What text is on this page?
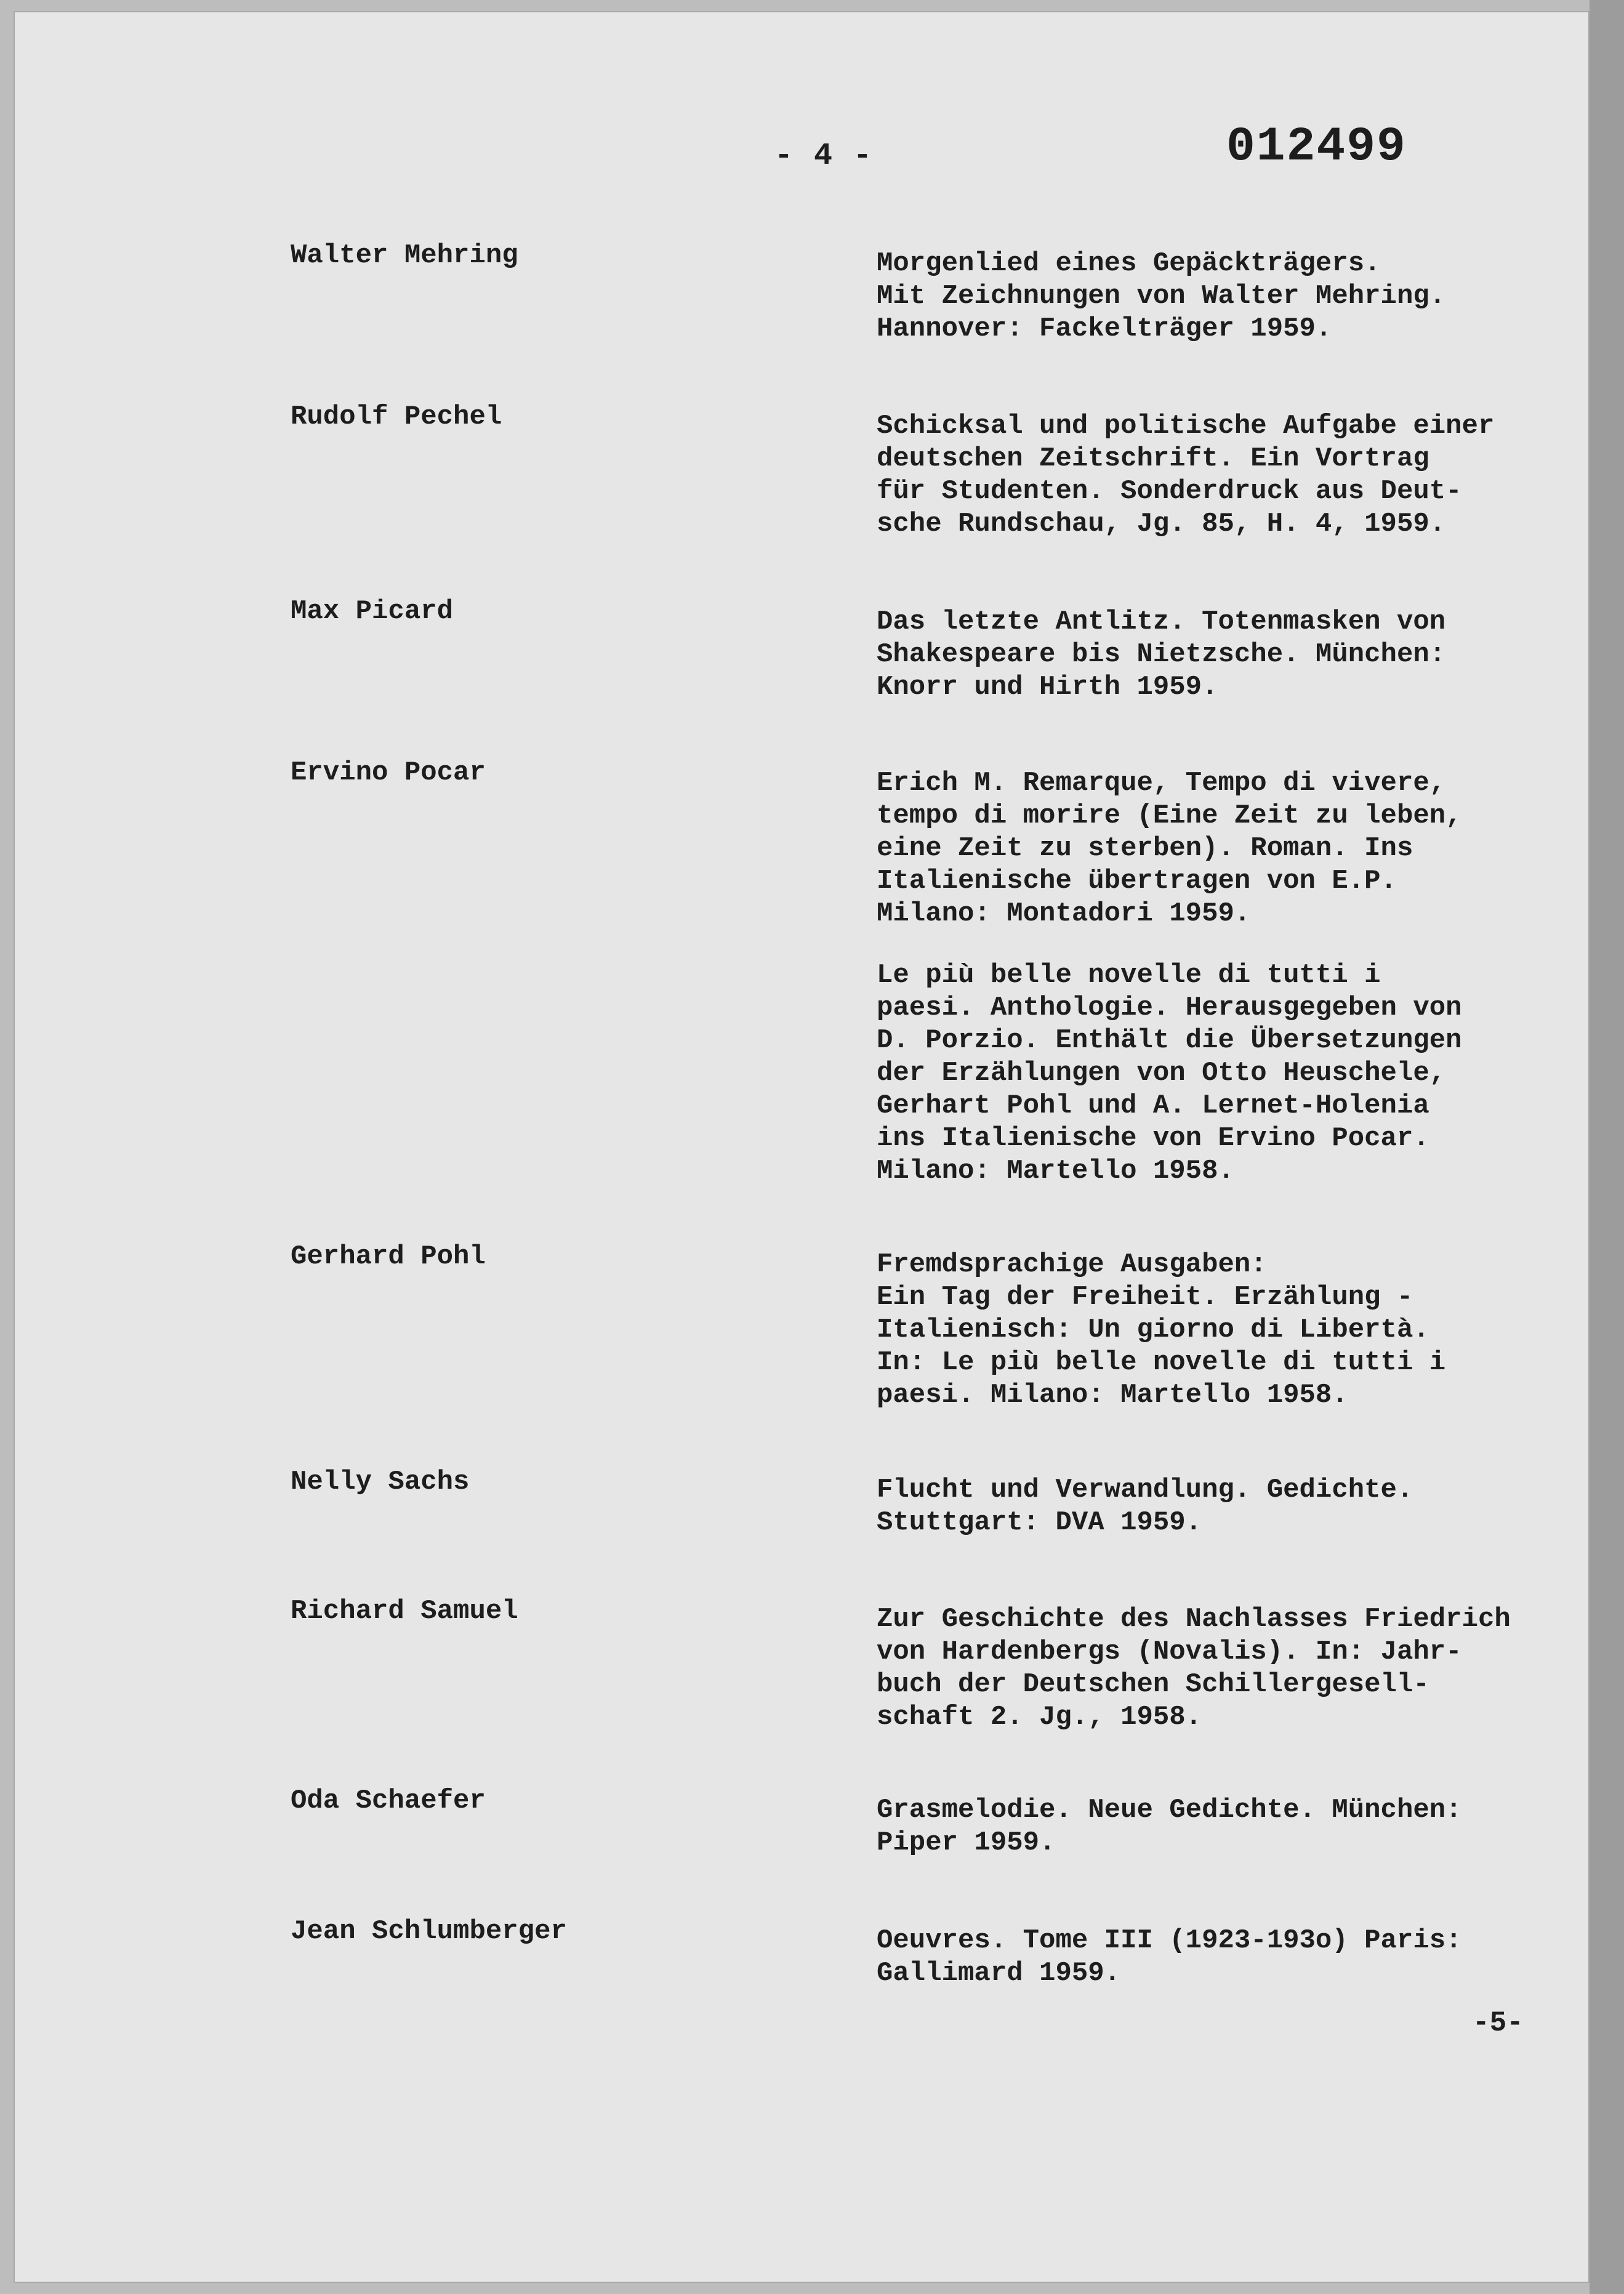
- 4 -	012499
Walter Mehring	Morgenlied eines Gepäckträgers.
Mit Zeichnungen von Walter Mehring.
Hannover: Fackelträger 1959.

Rudolf Pechel	Schicksal und politische Aufgabe einer
deutschen Zeitschrift. Ein Vortrag
für Studenten. Sonderdruck aus Deut-
sche Rundschau, Jg. 85, H. 4, 1959.

Max Picard	Das letzte Antlitz. Totenmasken von
Shakespeare bis Nietzsche. München:
Knorr und Hirth 1959.

Ervino Pocar	Erich M. Remarque, Tempo di vivere,
tempo di morire (Eine Zeit zu leben,
eine Zeit zu sterben). Roman. Ins
Italienische übertragen von E.P.
Milano: Montadori 1959.

Le più belle novelle di tutti i
paesi. Anthologie. Herausgegeben von
D. Porzio. Enthält die Übersetzungen
der Erzählungen von Otto Heuschele,
Gerhart Pohl und A. Lernet-Holenia
ins Italienische von Ervino Pocar.
Milano: Martello 1958.

Gerhard Pohl	Fremdsprachige Ausgaben:
Ein Tag der Freiheit. Erzählung -
Italienisch: Un giorno di Libertà.
In: Le più belle novelle di tutti i
paesi. Milano: Martello 1958.

Nelly Sachs	Flucht und Verwandlung. Gedichte.
Stuttgart: DVA 1959.

Richard Samuel	Zur Geschichte des Nachlasses Friedrich
von Hardenbergs (Novalis). In: Jahr-
buch der Deutschen Schillergesell-
schaft 2. Jg., 1958.

Oda Schaefer	Grasmelodie. Neue Gedichte. München:
Piper 1959.

Jean Schlumberger	Oeuvres. Tome III (1923-193o) Paris:
Gallimard 1959.

-5-
